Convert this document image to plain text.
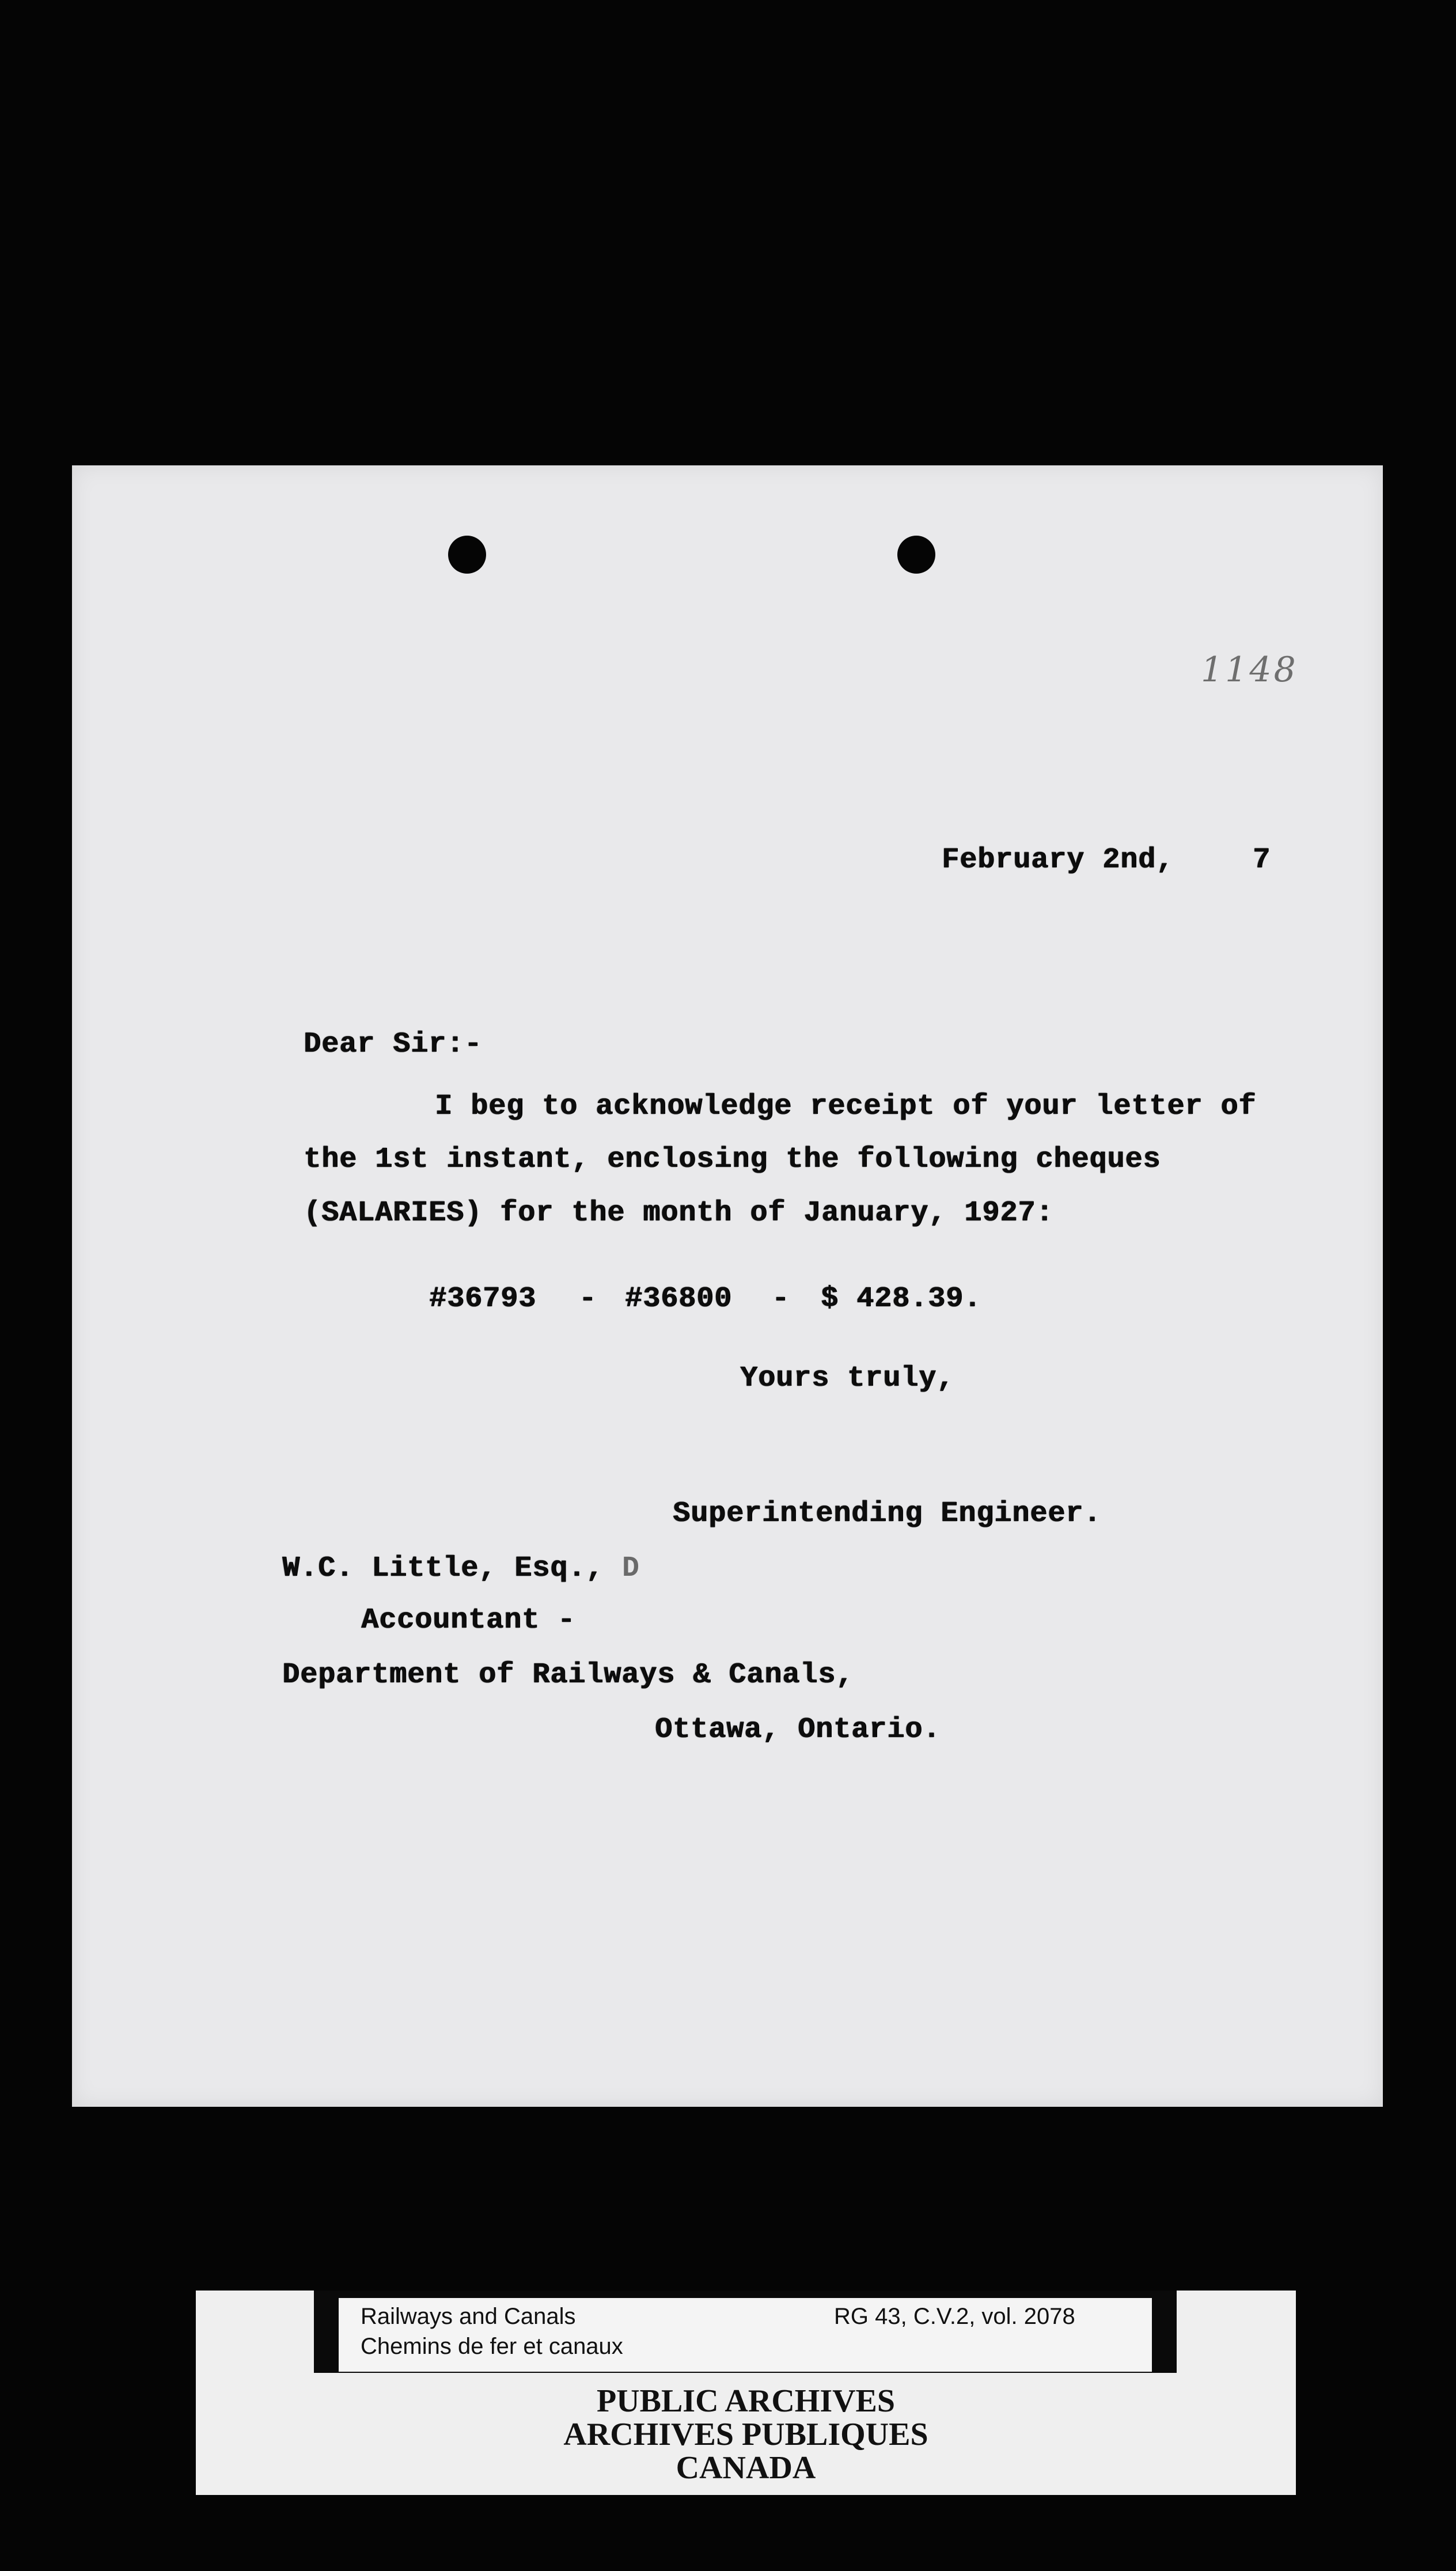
1148
February 2nd,	7
Dear Sir:-
I beg to acknowledge receipt of your letter of
the 1st instant, enclosing the following cheques
(SALARIES) for the month of January, 1927:
#36793 - #36800 - $ 428.39.
Yours truly,
Superintending Engineer.
W.C. Little, Esq., D
Accountant -
Department of Railways & Canals,
Ottawa, Ontario.
Railways and Canals
Chemins de fer et canaux
RG 43, C.V.2, vol. 2078
PUBLIC ARCHIVES
ARCHIVES PUBLIQUES
CANADA
